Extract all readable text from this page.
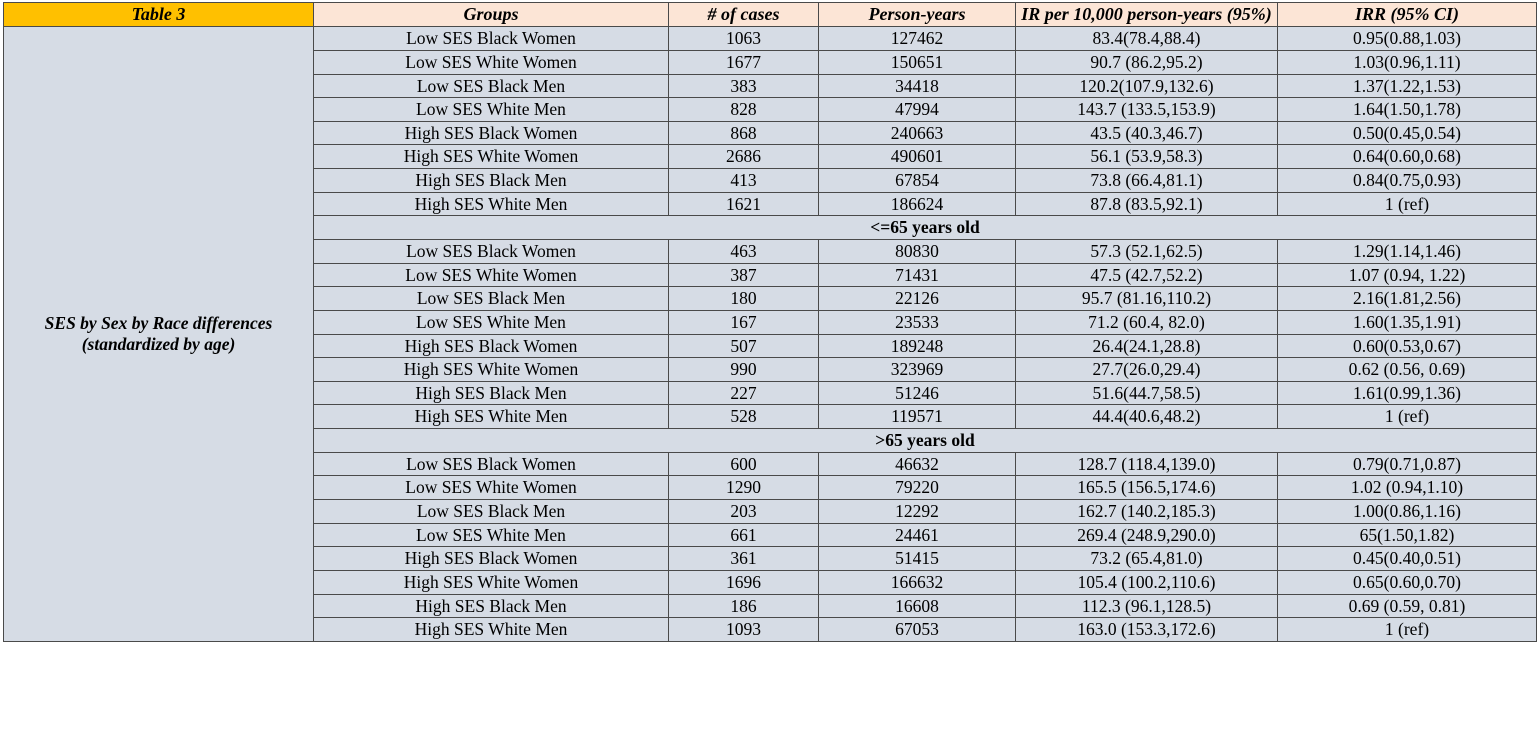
Table 3	Groups	# of cases	Person-years	IR per 10,000 person-years (95%)	IRR (95% CI)
SES by Sex by Race differences (standardized by age)	Low SES Black Women	1063	127462	83.4(78.4,88.4)	0.95(0.88,1.03)
	Low SES White Women	1677	150651	90.7 (86.2,95.2)	1.03(0.96,1.11)
	Low SES Black Men	383	34418	120.2(107.9,132.6)	1.37(1.22,1.53)
	Low SES White Men	828	47994	143.7 (133.5,153.9)	1.64(1.50,1.78)
	High SES Black Women	868	240663	43.5 (40.3,46.7)	0.50(0.45,0.54)
	High SES White Women	2686	490601	56.1 (53.9,58.3)	0.64(0.60,0.68)
	High SES Black Men	413	67854	73.8 (66.4,81.1)	0.84(0.75,0.93)
	High SES White Men	1621	186624	87.8 (83.5,92.1)	1 (ref)
	<=65 years old				
	Low SES Black Women	463	80830	57.3 (52.1,62.5)	1.29(1.14,1.46)
	Low SES White Women	387	71431	47.5 (42.7,52.2)	1.07 (0.94, 1.22)
	Low SES Black Men	180	22126	95.7 (81.16,110.2)	2.16(1.81,2.56)
	Low SES White Men	167	23533	71.2 (60.4, 82.0)	1.60(1.35,1.91)
	High SES Black Women	507	189248	26.4(24.1,28.8)	0.60(0.53,0.67)
	High SES White Women	990	323969	27.7(26.0,29.4)	0.62 (0.56, 0.69)
	High SES Black Men	227	51246	51.6(44.7,58.5)	1.61(0.99,1.36)
	High SES White Men	528	119571	44.4(40.6,48.2)	1 (ref)
	>65 years old				
	Low SES Black Women	600	46632	128.7 (118.4,139.0)	0.79(0.71,0.87)
	Low SES White Women	1290	79220	165.5 (156.5,174.6)	1.02 (0.94,1.10)
	Low SES Black Men	203	12292	162.7 (140.2,185.3)	1.00(0.86,1.16)
	Low SES White Men	661	24461	269.4 (248.9,290.0)	65(1.50,1.82)
	High SES Black Women	361	51415	73.2 (65.4,81.0)	0.45(0.40,0.51)
	High SES White Women	1696	166632	105.4 (100.2,110.6)	0.65(0.60,0.70)
	High SES Black Men	186	16608	112.3 (96.1,128.5)	0.69 (0.59, 0.81)
	High SES White Men	1093	67053	163.0 (153.3,172.6)	1 (ref)
